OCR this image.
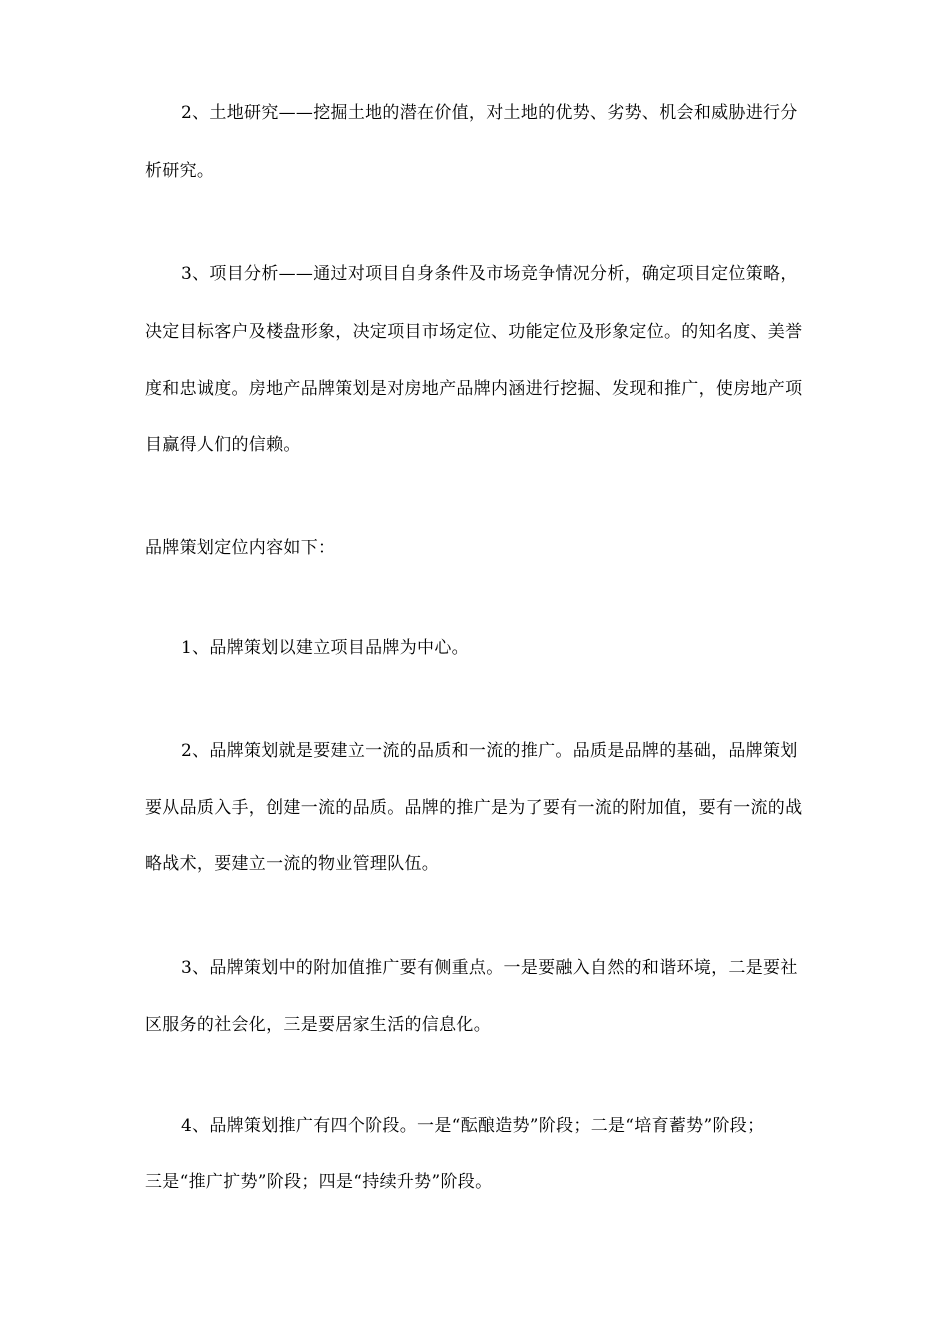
2、土地研究——挖掘土地的潜在价值，对土地的优势、劣势、机会和威胁进行分
析研究。
3、项目分析——通过对项目自身条件及市场竞争情况分析，确定项目定位策略，
决定目标客户及楼盘形象，决定项目市场定位、功能定位及形象定位。的知名度、美誉
度和忠诚度。房地产品牌策划是对房地产品牌内涵进行挖掘、发现和推广，使房地产项
目赢得人们的信赖。
品牌策划定位内容如下：
1、品牌策划以建立项目品牌为中心。
2、品牌策划就是要建立一流的品质和一流的推广。品质是品牌的基础，品牌策划
要从品质入手，创建一流的品质。品牌的推广是为了要有一流的附加值，要有一流的战
略战术，要建立一流的物业管理队伍。
3、品牌策划中的附加值推广要有侧重点。一是要融入自然的和谐环境，二是要社
区服务的社会化，三是要居家生活的信息化。
4、品牌策划推广有四个阶段。一是“酝酿造势”阶段；二是“培育蓄势”阶段；
三是“推广扩势”阶段；四是“持续升势”阶段。
